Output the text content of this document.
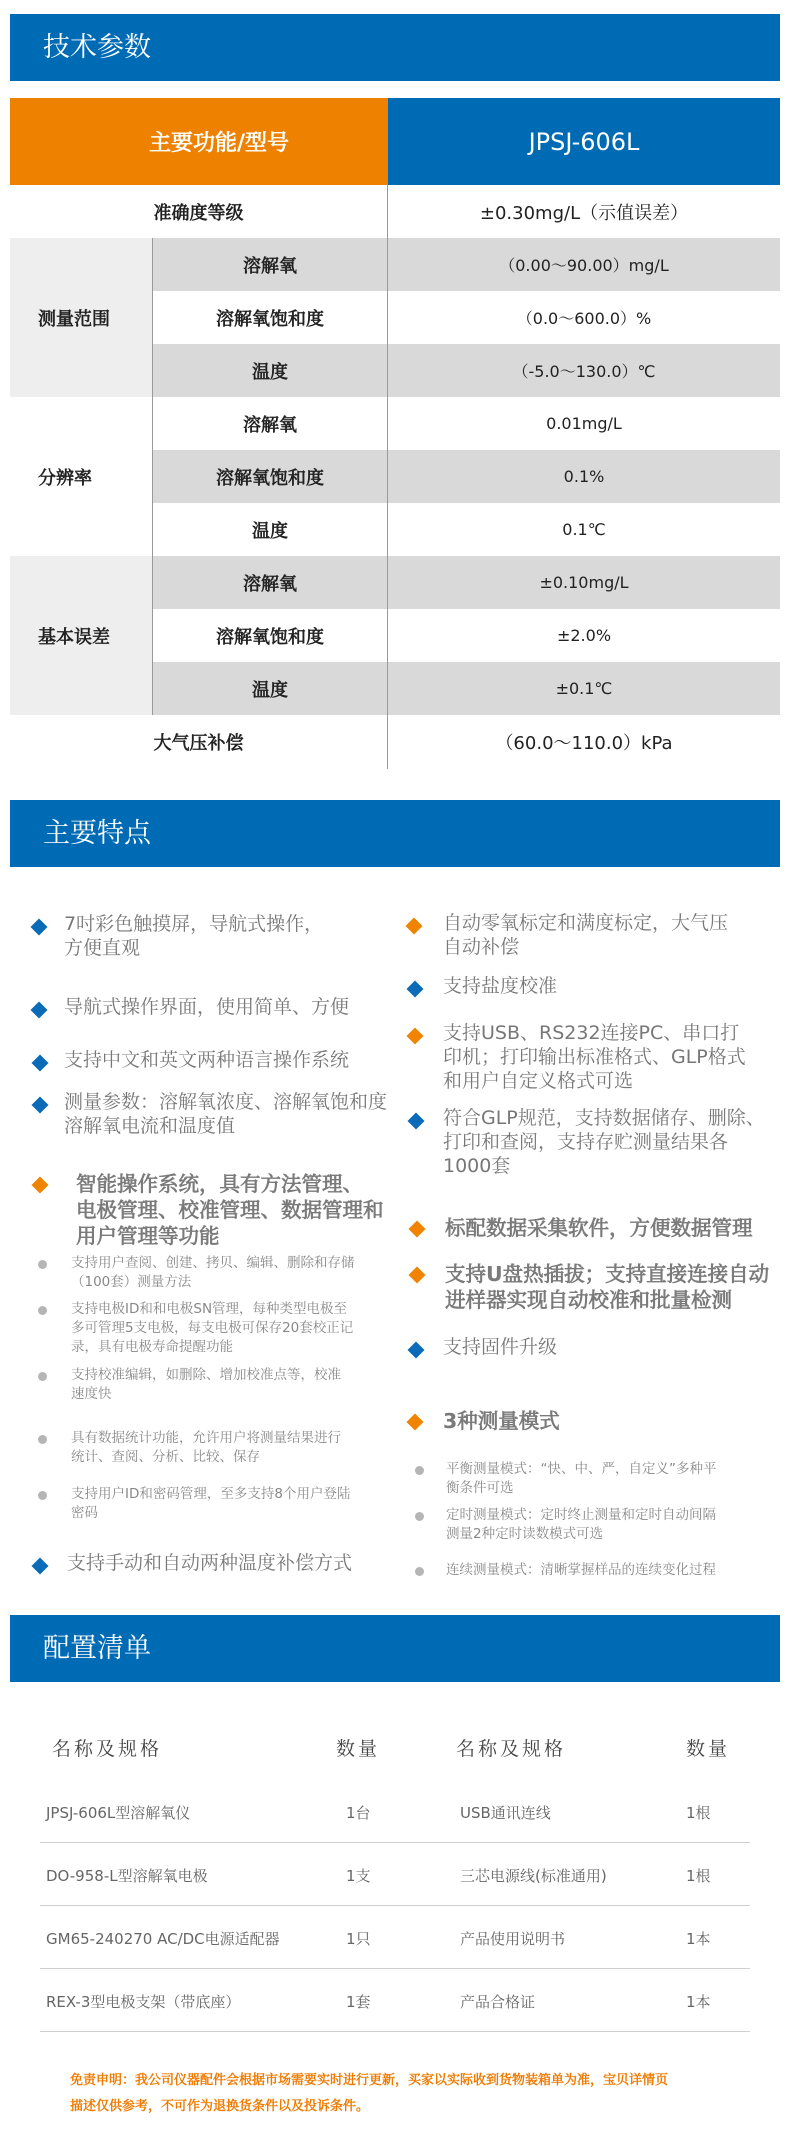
技术参数
主要功能/型号	JPSJ-606L
准确度等级	±0.30mg/L（示值误差）
测量范围
溶解氧	（0.00～90.00）mg/L
溶解氧饱和度	（0.0～600.0）%
温度	（-5.0～130.0）℃
分辨率
溶解氧	0.01mg/L
溶解氧饱和度	0.1%
温度	0.1℃
基本误差
溶解氧	±0.10mg/L
溶解氧饱和度	±2.0%
温度	±0.1℃
大气压补偿	（60.0～110.0）kPa
主要特点
7吋彩色触摸屏，导航式操作，
方便直观
导航式操作界面，使用简单、方便
支持中文和英文两种语言操作系统
测量参数：溶解氧浓度、溶解氧饱和度
溶解氧电流和温度值
智能操作系统，具有方法管理、
电极管理、校准管理、数据管理和
用户管理等功能
支持用户查阅、创建、拷贝、编辑、删除和存储
（100套）测量方法
支持电极ID和和电极SN管理，每种类型电极至
多可管理5支电极，每支电极可保存20套校正记
录，具有电极寿命提醒功能
支持校准编辑，如删除、增加校准点等，校准
速度快
具有数据统计功能，允许用户将测量结果进行
统计、查阅、分析、比较、保存
支持用户ID和密码管理，至多支持8个用户登陆
密码
支持手动和自动两种温度补偿方式
自动零氧标定和满度标定，大气压
自动补偿
支持盐度校准
支持USB、RS232连接PC、串口打
印机；打印输出标准格式、GLP格式
和用户自定义格式可选
符合GLP规范，支持数据储存、删除、
打印和查阅，支持存贮测量结果各
1000套
标配数据采集软件，方便数据管理
支持U盘热插拔；支持直接连接自动
进样器实现自动校准和批量检测
支持固件升级
3种测量模式
平衡测量模式：“快、中、严，自定义”多种平
衡条件可选
定时测量模式：定时终止测量和定时自动间隔
测量2种定时读数模式可选
连续测量模式：清晰掌握样品的连续变化过程
配置清单
名称及规格	数量	名称及规格	数量
JPSJ-606L型溶解氧仪	1台	USB通讯连线	1根
DO-958-L型溶解氧电极	1支	三芯电源线(标准通用)	1根
GM65-240270 AC/DC电源适配器	1只	产品使用说明书	1本
REX-3型电极支架（带底座）	1套	产品合格证	1本
免责申明：我公司仪器配件会根据市场需要实时进行更新，买家以实际收到货物装箱单为准，宝贝详情页
描述仅供参考，不可作为退换货条件以及投诉条件。
